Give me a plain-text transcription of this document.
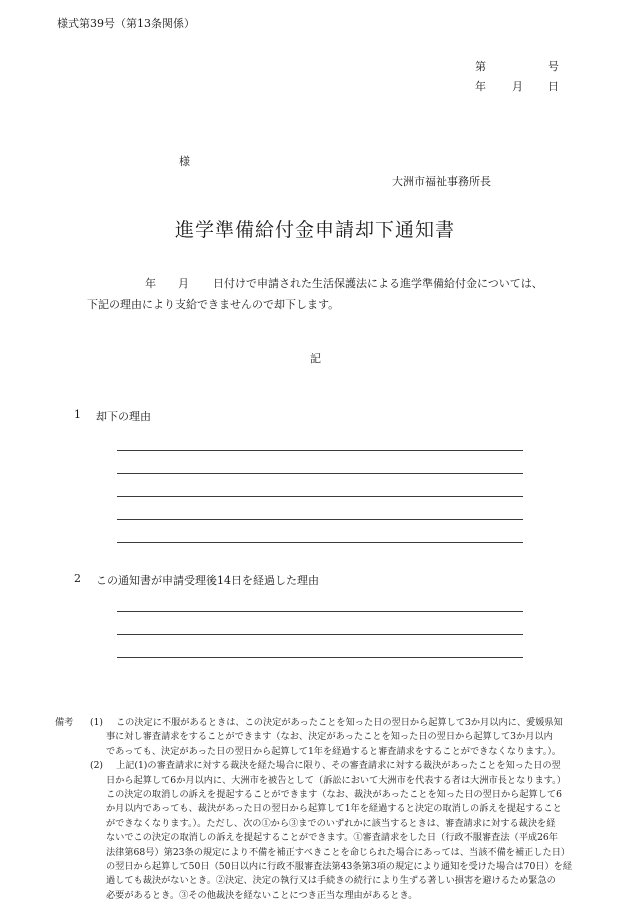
様式第39号（第13条関係）
第	号
年 月 日
様
大洲市福祉事務所長
進学準備給付金申請却下通知書
年 月 日付けで申請された生活保護法による進学準備給付金については、
下記の理由により支給できませんので却下します。
記
1 却下の理由
2 この通知書が申請受理後14日を経過した理由
備考 (1) この決定に不服があるときは、この決定があったことを知った日の翌日から起算して3か月以内に、愛媛県知
事に対し審査請求をすることができます（なお、決定があったことを知った日の翌日から起算して3か月以内
であっても、決定があった日の翌日から起算して1年を経過すると審査請求をすることができなくなります。）。
(2) 上記(1)の審査請求に対する裁決を経た場合に限り、その審査請求に対する裁決があったことを知った日の翌
日から起算して6か月以内に、大洲市を被告として（訴訟において大洲市を代表する者は大洲市長となります。）
この決定の取消しの訴えを提起することができます（なお、裁決があったことを知った日の翌日から起算して6
か月以内であっても、裁決があった日の翌日から起算して1年を経過すると決定の取消しの訴えを提起すること
ができなくなります。）。ただし、次の①から③までのいずれかに該当するときは、審査請求に対する裁決を経
ないでこの決定の取消しの訴えを提起することができます。①審査請求をした日（行政不服審査法（平成26年
法律第68号）第23条の規定により不備を補正すべきことを命じられた場合にあっては、当該不備を補正した日）
の翌日から起算して50日（50日以内に行政不服審査法第43条第3項の規定により通知を受けた場合は70日）を経
過しても裁決がないとき。②決定、決定の執行又は手続きの続行により生ずる著しい損害を避けるため緊急の
必要があるとき。③その他裁決を経ないことにつき正当な理由があるとき。
